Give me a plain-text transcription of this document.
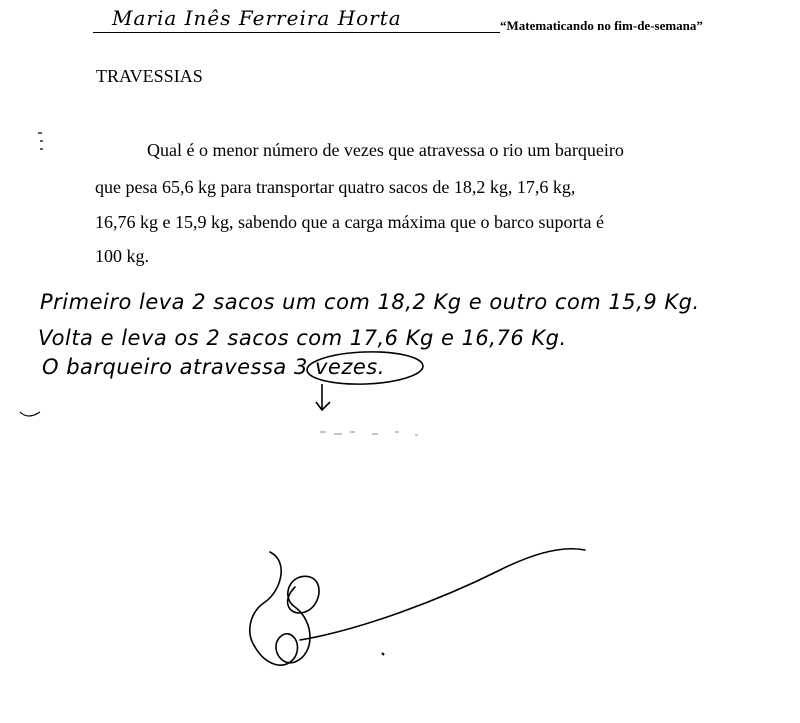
Maria Inês Ferreira Horta	“Matematicando no fim-de-semana”
TRAVESSIAS
Qual é o menor número de vezes que atravessa o rio um barqueiro
que pesa 65,6 kg para transportar quatro sacos de 18,2 kg, 17,6 kg,
16,76 kg e 15,9 kg, sabendo que a carga máxima que o barco suporta é
100 kg.
Primeiro leva 2 sacos um com 18,2 Kg e outro com 15,9 Kg.
Volta e leva os 2 sacos com 17,6 Kg e 16,76 Kg.
O barqueiro atravessa 3 vezes.
